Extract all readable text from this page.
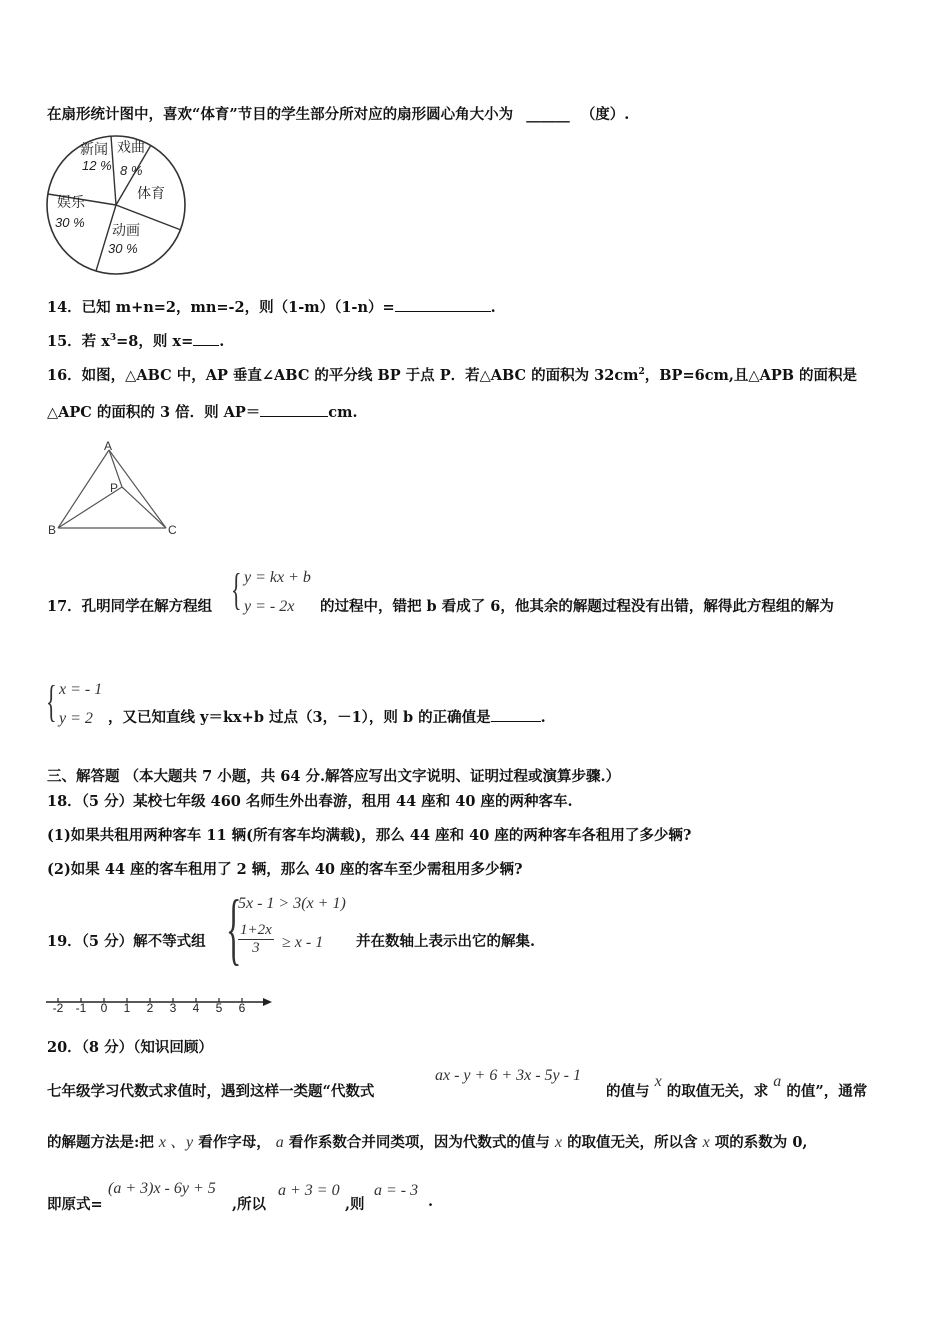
在扇形统计图中，喜欢“体育”节目的学生部分所对应的扇形圆心角大小为 ______ （度）.
新闻
12 %
戏曲
8 %
体育
动画
30 %
娱乐
30 %
14．已知 m+n=2，mn=-2，则（1-m）（1-n）=	.
15．若 $x^3=8$，则 x= .
16．如图，△ABC 中，AP 垂直∠ABC 的平分线 BP 于点 P．若△ABC 的面积为 $32cm^2$，BP=6cm,且△APB 的面积是
△APC 的面积的 3 倍．则 AP＝	cm.
A
P
B	C
17．孔明同学在解方程组 { y = kx + b
y = - 2x 的过程中，错把 b 看成了 6，他其余的解题过程没有出错，解得此方程组的解为
{ x = - 1
y = 2 ，又已知直线 y＝kx+b 过点（3，－1），则 b 的正确值是	.
三、解答题 （本大题共 7 小题，共 64 分.解答应写出文字说明、证明过程或演算步骤.）
18．（5 分）某校七年级 460 名师生外出春游，租用 44 座和 40 座的两种客车.
(1)如果共租用两种客车 11 辆(所有客车均满载)，那么 44 座和 40 座的两种客车各租用了多少辆?
(2)如果 44 座的客车租用了 2 辆，那么 40 座的客车至少需租用多少辆?
19．（5 分）解不等式组 {
5x - 1 > 3(x + 1)
$\frac{1+2x}{3} \ge x - 1$ 并在数轴上表示出它的解集.
-2 -1 0 1 2 3 4 5 6
20．（8 分）（知识回顾）
七年级学习代数式求值时，遇到这样一类题“代数式
ax - y + 6 + 3x - 5y - 1
的值与 x 的取值无关，求 a 的值”，通常
的解题方法是:把 x 、y 看作字母， a 看作系数合并同类项，因为代数式的值与 x 的取值无关，所以含 x 项的系数为 0,
即原式=
(a + 3)x - 6y + 5
,所以
a + 3 = 0
,则
a = - 3
.
